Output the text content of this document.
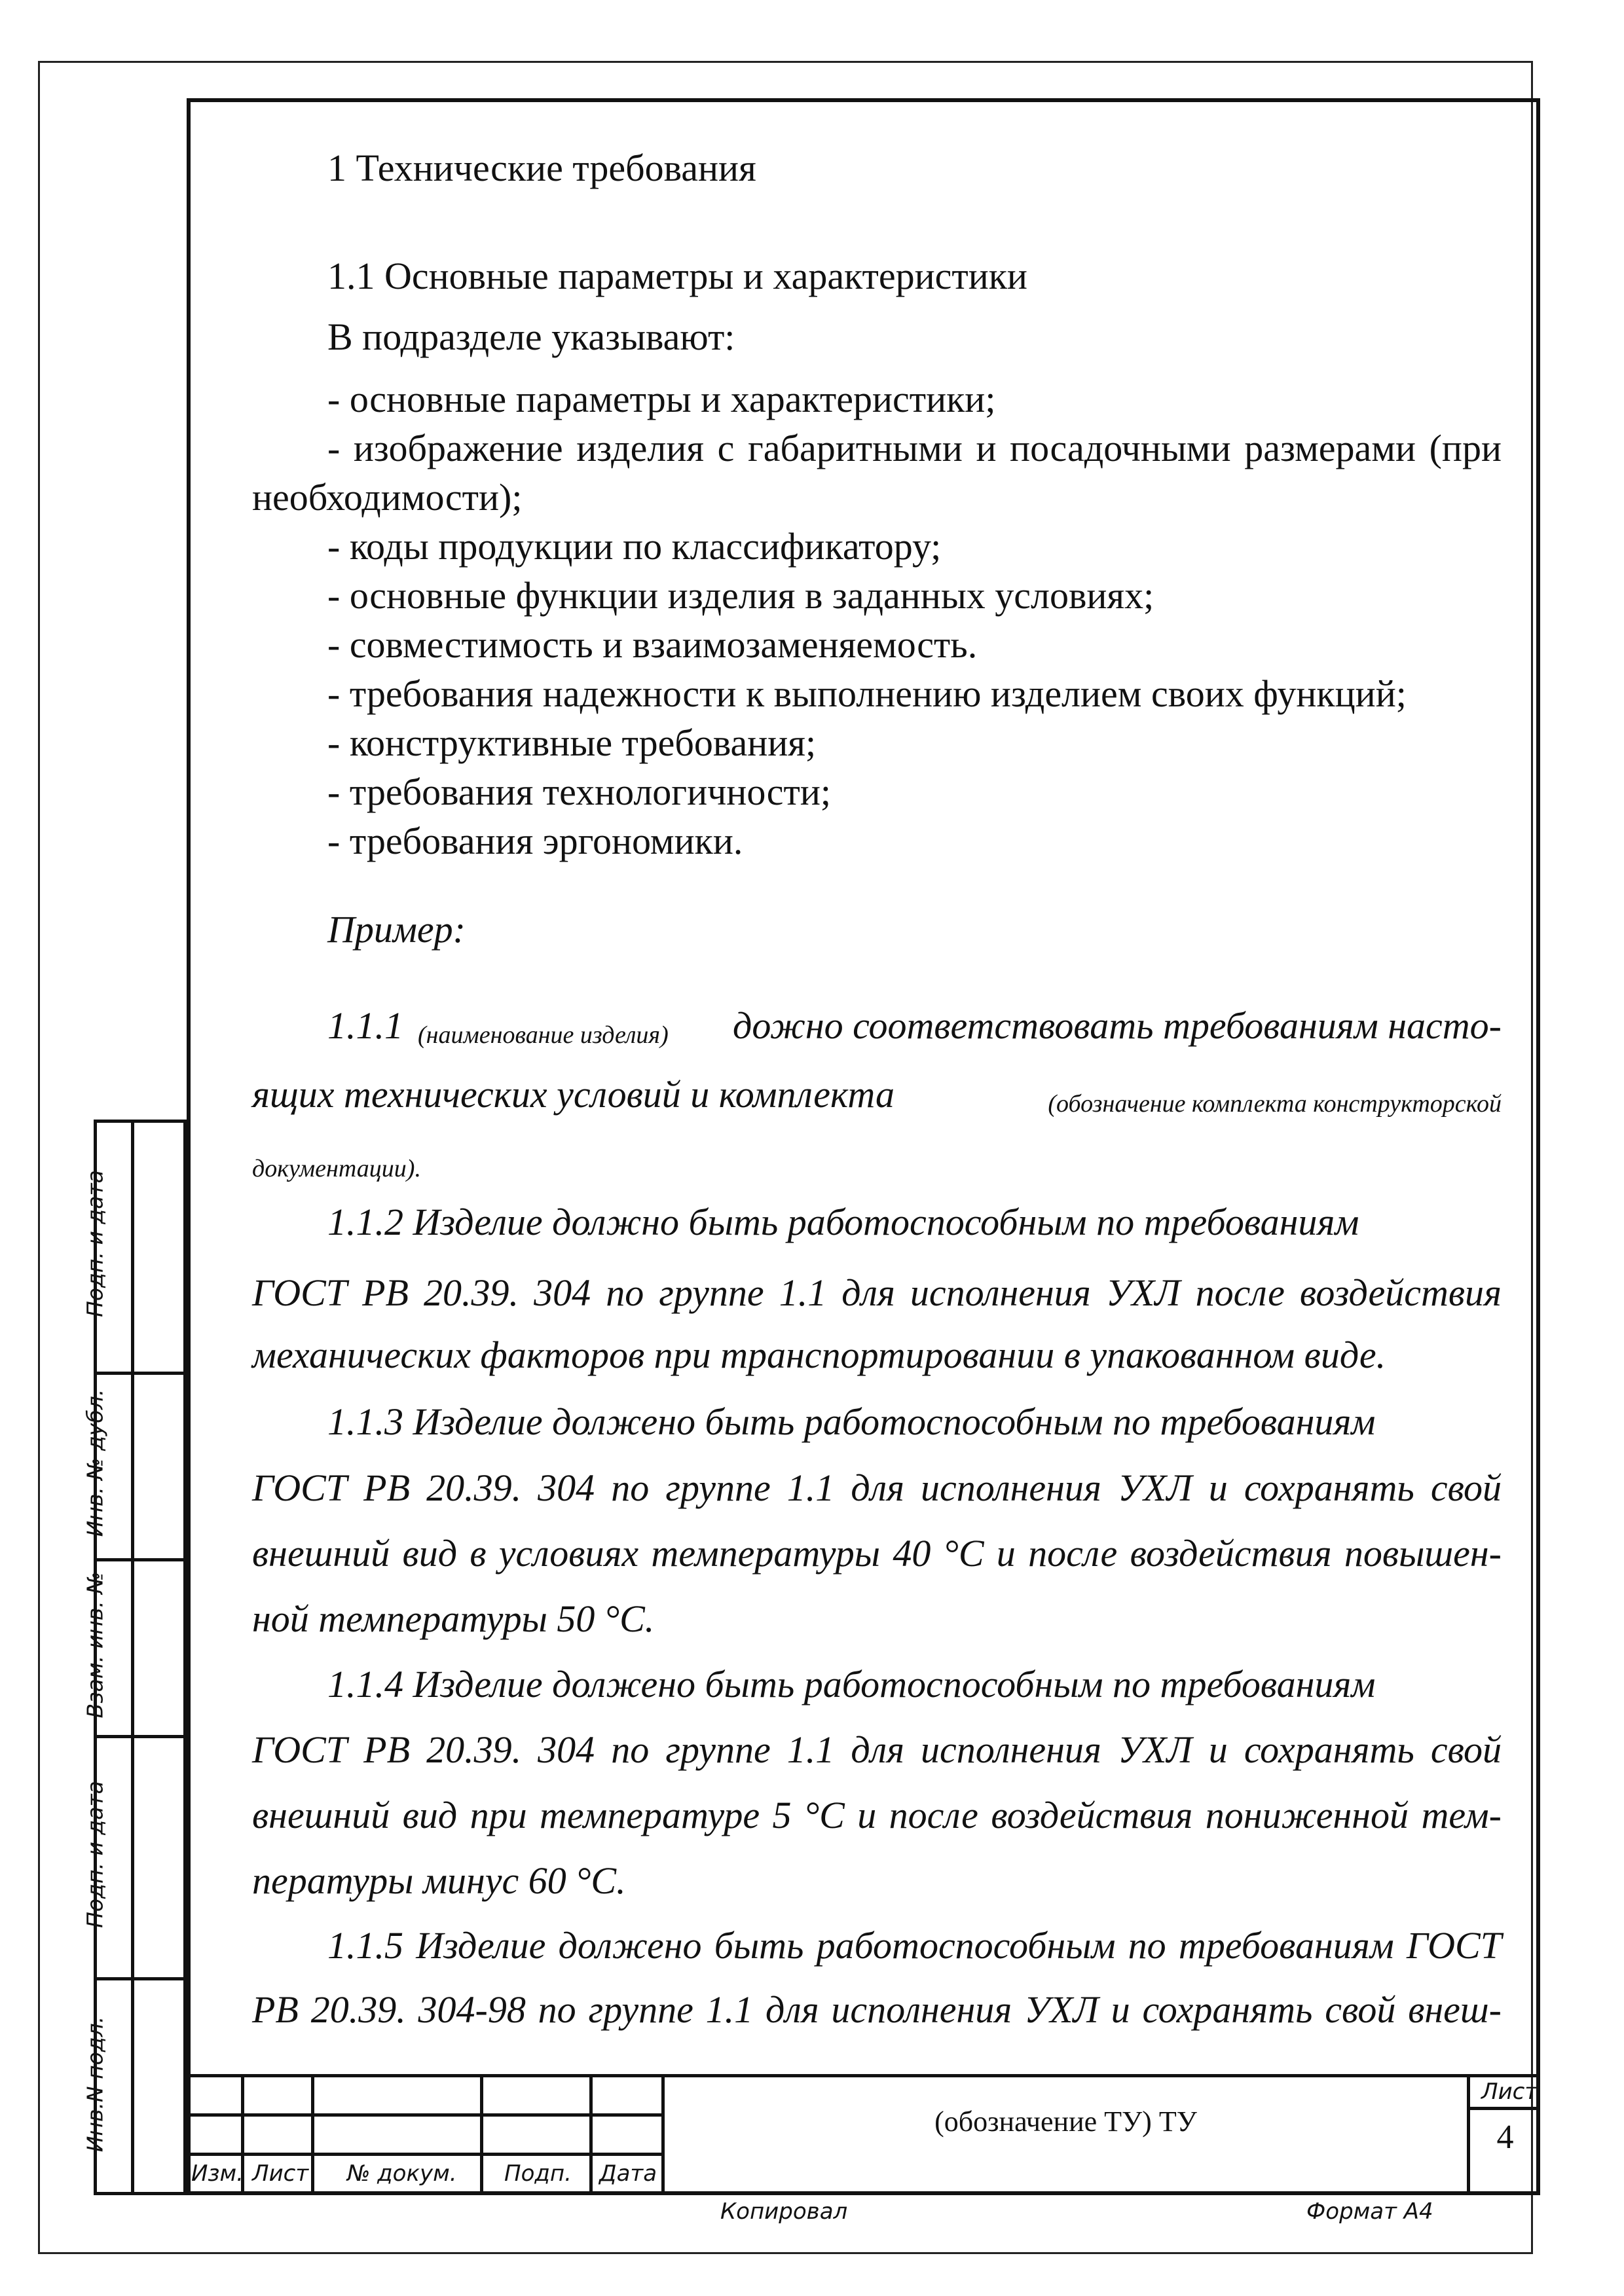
1 Технические требования
1.1 Основные параметры и характеристики
В подразделе указывают:
- основные параметры и характеристики;
- изображение изделия с габаритными и посадочными размерами (при
необходимости);
- коды продукции по классификатору;
- основные функции изделия в заданных условиях;
- совместимость и взаимозаменяемость.
- требования надежности к выполнению изделием своих функций;
- конструктивные требования;
- требования технологичности;
- требования эргономики.
Пример:
1.1.1 (наименование изделия)	дожно соответствовать требованиям насто-
ящих технических условий и комплекта	(обозначение комплекта конструкторской
документации).
1.1.2 Изделие должно быть работоспособным по требованиям
ГОСТ РВ 20.39. 304 по группе 1.1 для исполнения УХЛ после воздействия
механических факторов при транспортировании в упакованном виде.
1.1.3 Изделие должено быть работоспособным по требованиям
ГОСТ РВ 20.39. 304 по группе 1.1 для исполнения УХЛ и сохранять свой
внешний вид в условиях температуры 40 °С и после воздействия повышен-
ной температуры 50 °С.
1.1.4 Изделие должено быть работоспособным по требованиям
ГОСТ РВ 20.39. 304 по группе 1.1 для исполнения УХЛ и сохранять свой
внешний вид при температуре 5 °С и после воздействия пониженной тем-
пературы минус 60 °С.
1.1.5 Изделие должено быть работоспособным по требованиям ГОСТ
РВ 20.39. 304-98 по группе 1.1 для исполнения УХЛ и сохранять свой внеш-
Подп. и дата
Инв. № дубл.
Взам. инв. №
Подп. и дата
Инв.N подл.
Изм. Лист № докум. Подп. Дата
(обозначение ТУ) ТУ
Лист
4
Копировал	Формат А4
